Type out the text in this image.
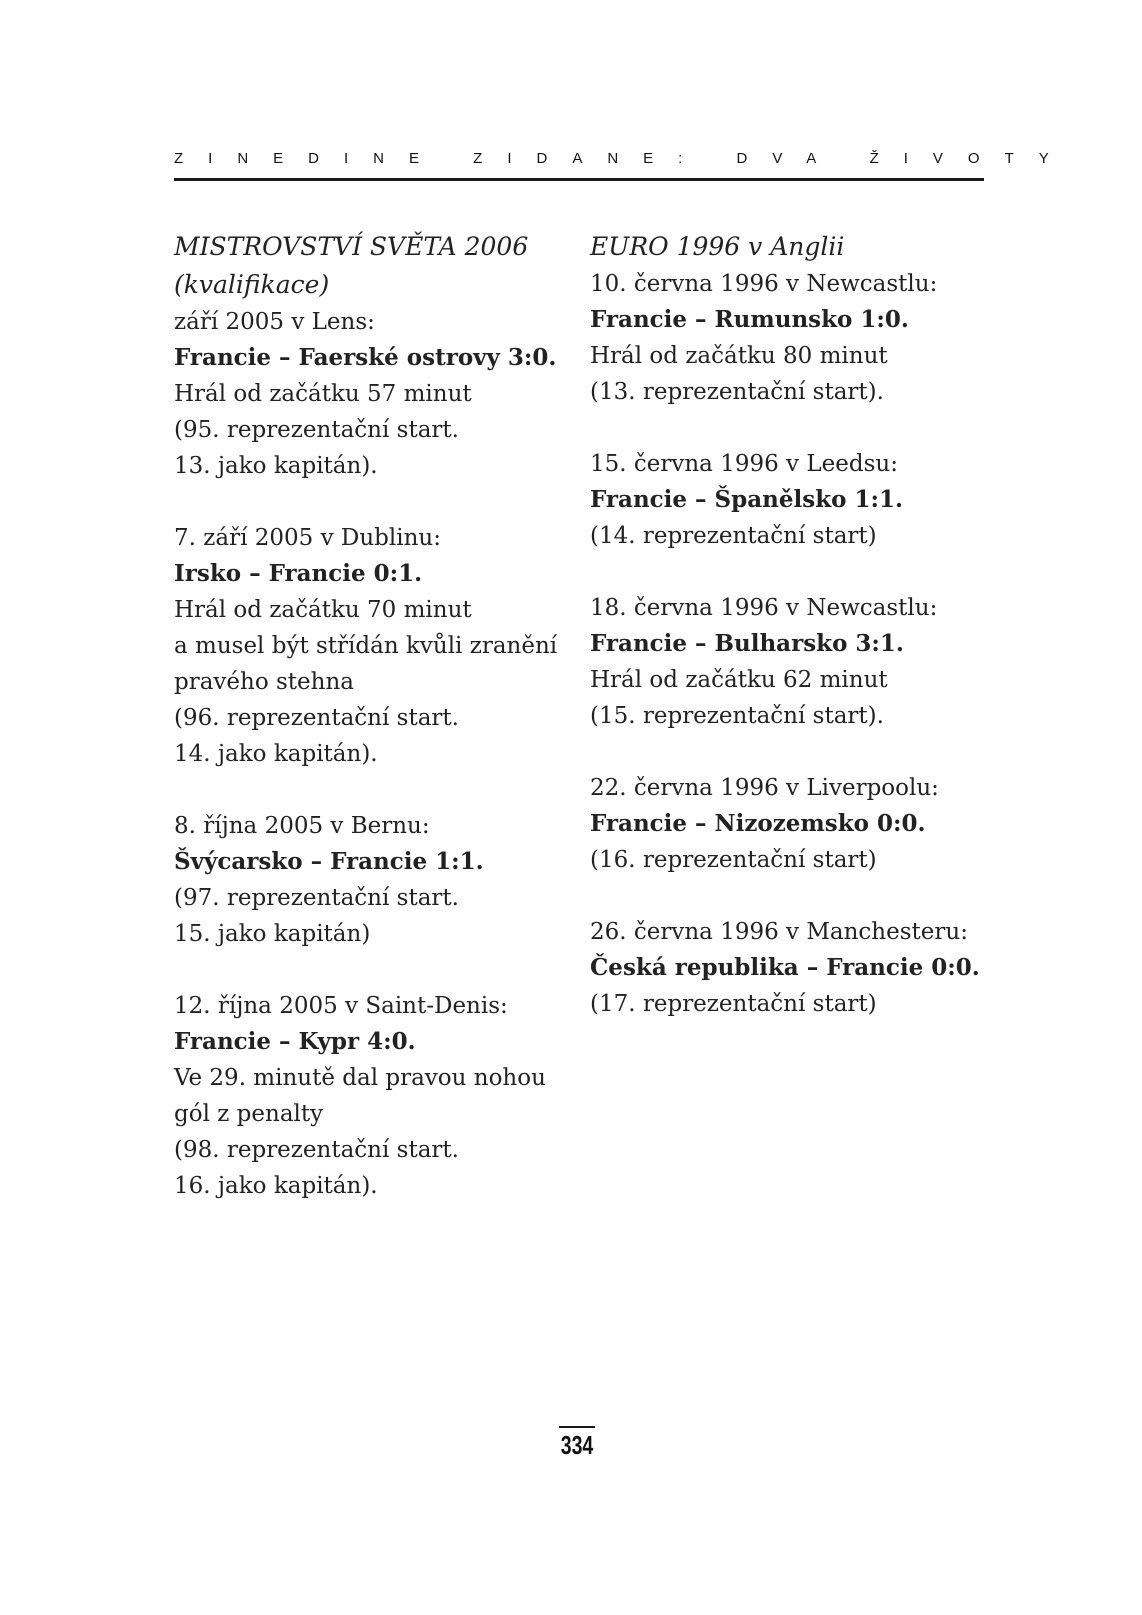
ZINEDINE ZIDANE: DVA ŽIVOTY
MISTROVSTVÍ SVĚTA 2006
(kvalifikace)
září 2005 v Lens:
Francie – Faerské ostrovy 3:0.
Hrál od začátku 57 minut
(95. reprezentační start.
13. jako kapitán).
7. září 2005 v Dublinu:
Irsko – Francie 0:1.
Hrál od začátku 70 minut
a musel být střídán kvůli zranění
pravého stehna
(96. reprezentační start.
14. jako kapitán).
8. října 2005 v Bernu:
Švýcarsko – Francie 1:1.
(97. reprezentační start.
15. jako kapitán)
12. října 2005 v Saint-Denis:
Francie – Kypr 4:0.
Ve 29. minutě dal pravou nohou
gól z penalty
(98. reprezentační start.
16. jako kapitán).
EURO 1996 v Anglii
10. června 1996 v Newcastlu:
Francie – Rumunsko 1:0.
Hrál od začátku 80 minut
(13. reprezentační start).
15. června 1996 v Leedsu:
Francie – Španělsko 1:1.
(14. reprezentační start)
18. června 1996 v Newcastlu:
Francie – Bulharsko 3:1.
Hrál od začátku 62 minut
(15. reprezentační start).
22. června 1996 v Liverpoolu:
Francie – Nizozemsko 0:0.
(16. reprezentační start)
26. června 1996 v Manchesteru:
Česká republika – Francie 0:0.
(17. reprezentační start)
334
